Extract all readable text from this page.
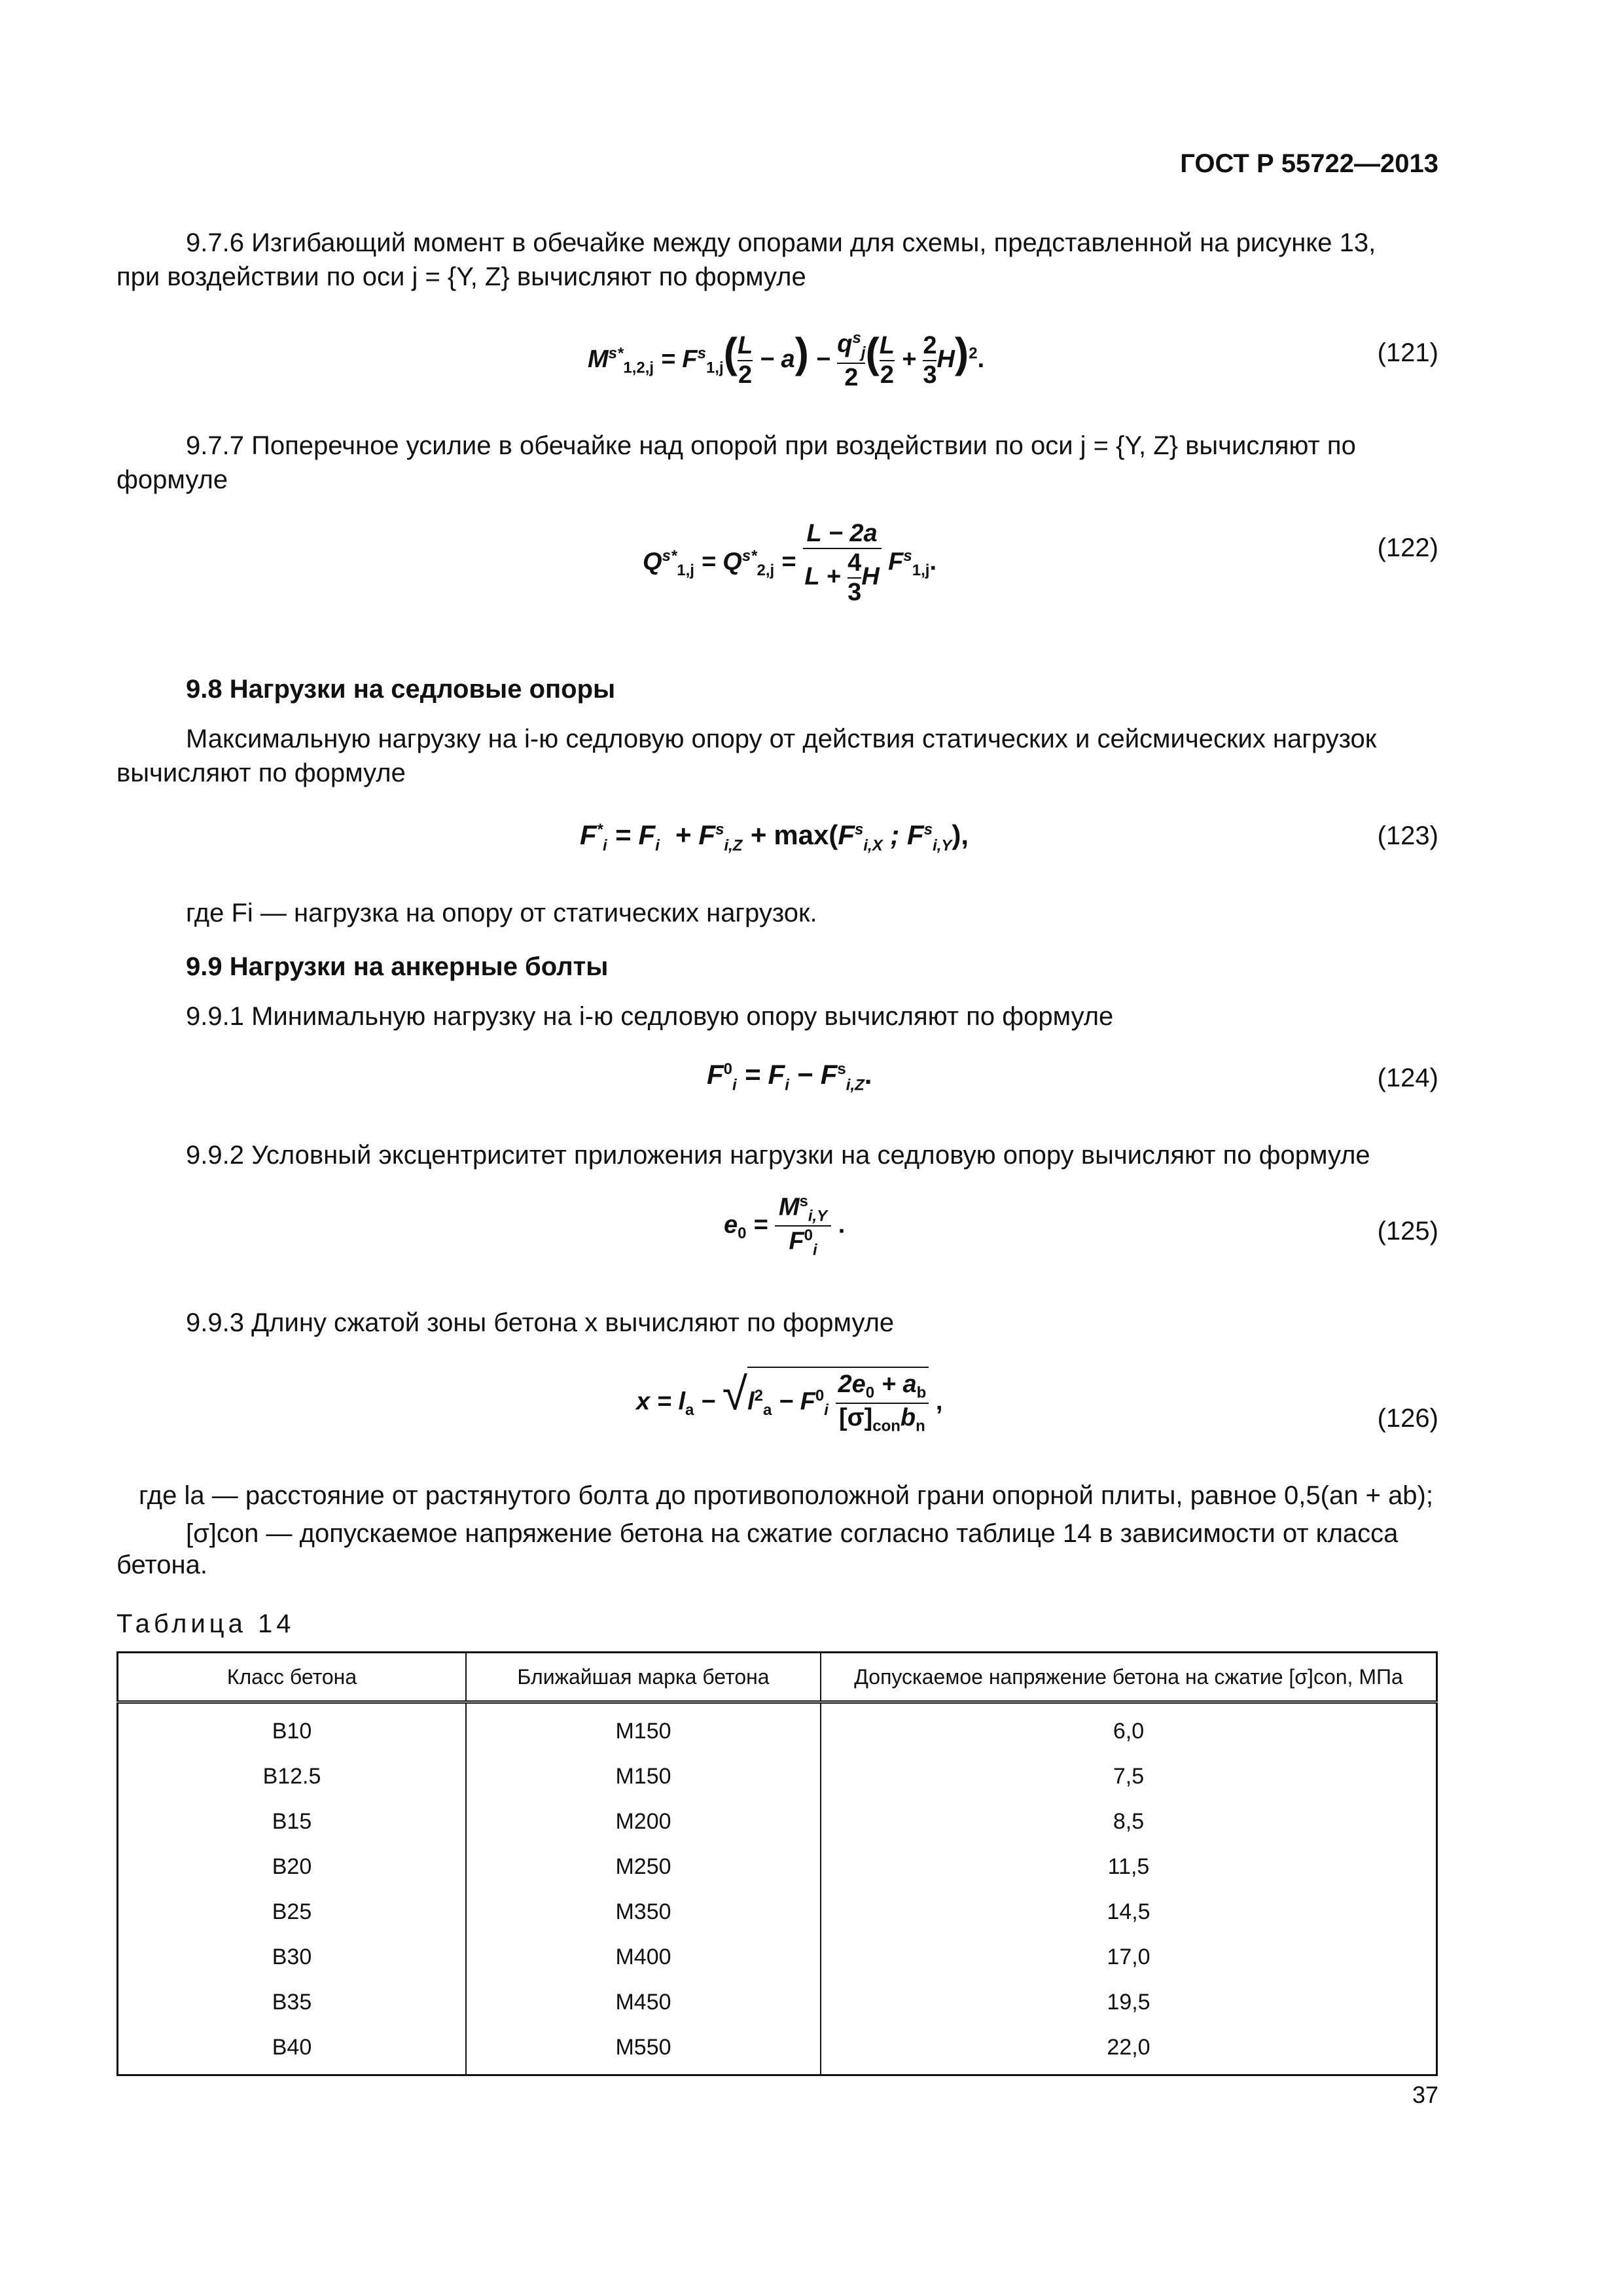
ГОСТ Р 55722—2013
9.7.6 Изгибающий момент в обечайке между опорами для схемы, представленной на рисунке 13,
при воздействии по оси j = {Y, Z} вычисляют по формуле
$M^{s*}_{1,2,j} = F^s_{1,j}( \frac{L}{2} - a)$ −
$q^s_j$
2
( $\frac{L}{2} + \frac{2}{3} H)^2$.	(121)
9.7.7 Поперечное усилие в обечайке над опорой при воздействии по оси j = {Y, Z} вычисляют по
формуле
$Q^{s*}_{1,j} = Q^{s*}_{2,j} = \frac{L - 2a}{L + \frac{4}{3} H} F^s_{1,j}$.	(122)
9.8 Нагрузки на седловые опоры
Максимальную нагрузку на i-ю седловую опору от действия статических и сейсмических нагрузок
вычисляют по формуле
$F^*_i = F_i + F^s_{i,Z} + \max(F^s_{i,X}$ ; $F^s_{i,Y}$),	(123)
где Fi — нагрузка на опору от статических нагрузок.
9.9 Нагрузки на анкерные болты
9.9.1 Минимальную нагрузку на i-ю седловую опору вычисляют по формуле
$F^0_i = F_i - F^s_{i,Z}$.	(124)
9.9.2 Условный эксцентриситет приложения нагрузки на седловую опору вычисляют по формуле
$e_0$ =
$M^s_{i,Y}$
$F^0_i$
.	(125)
9.9.3 Длину сжатой зоны бетона x вычисляют по формуле
$x = l_a - √l^2_a - F^0_i$
$2e_0 + a_b$
$[\sigma]_{con}b_n$
,
(126)
где la — расстояние от растянутого болта до противоположной грани опорной плиты, равное 0,5(an + ab);
[σ]con — допускаемое напряжение бетона на сжатие согласно таблице 14 в зависимости от класса
бетона.
Таблица 14
Класс бетона	Ближайшая марка бетона	Допускаемое напряжение бетона на сжатие [σ]con, МПа
B10	M150	6,0
B12.5	M150	7,5
B15	M200	8,5
B20	M250	11,5
B25	M350	14,5
B30	M400	17,0
B35	M450	19,5
B40	M550	22,0
37
